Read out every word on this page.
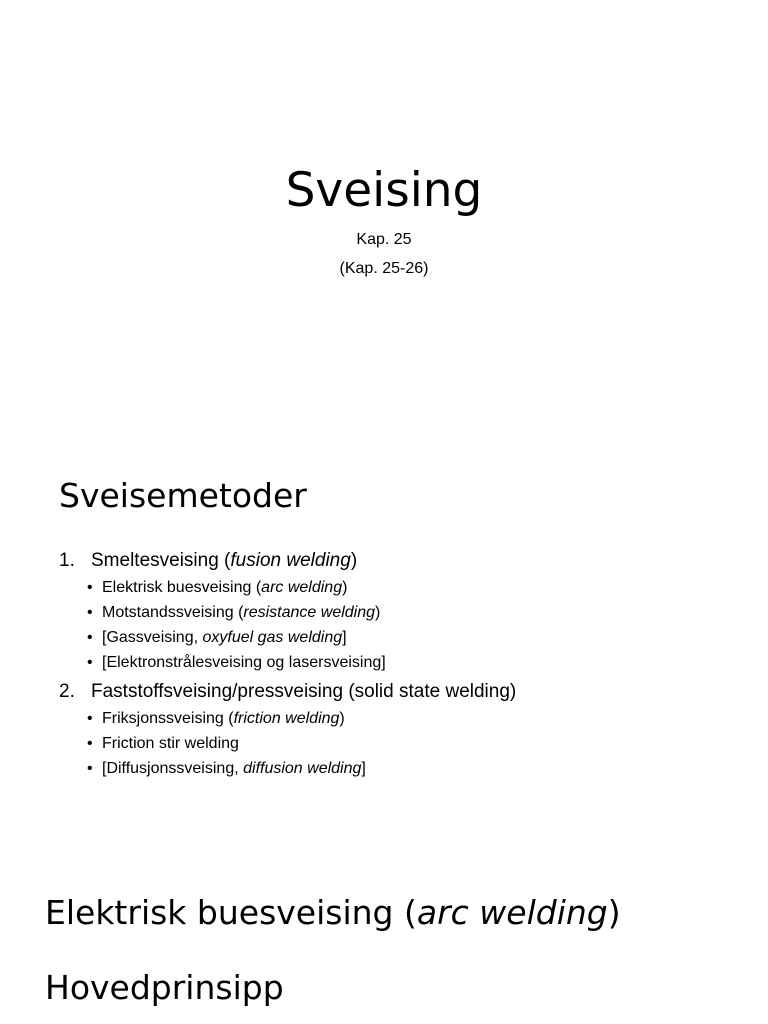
Sveising
Kap. 25
(Kap. 25-26)
Sveisemetoder
1. Smeltesveising (fusion welding)
• Elektrisk buesveising (arc welding)
• Motstandssveising (resistance welding)
• [Gassveising, oxyfuel gas welding]
• [Elektronstrålesveising og lasersveising]
2. Faststoffsveising/pressveising (solid state welding)
• Friksjonssveising (friction welding)
• Friction stir welding
• [Diffusjonssveising, diffusion welding]
Elektrisk buesveising (arc welding)
Hovedprinsipp
